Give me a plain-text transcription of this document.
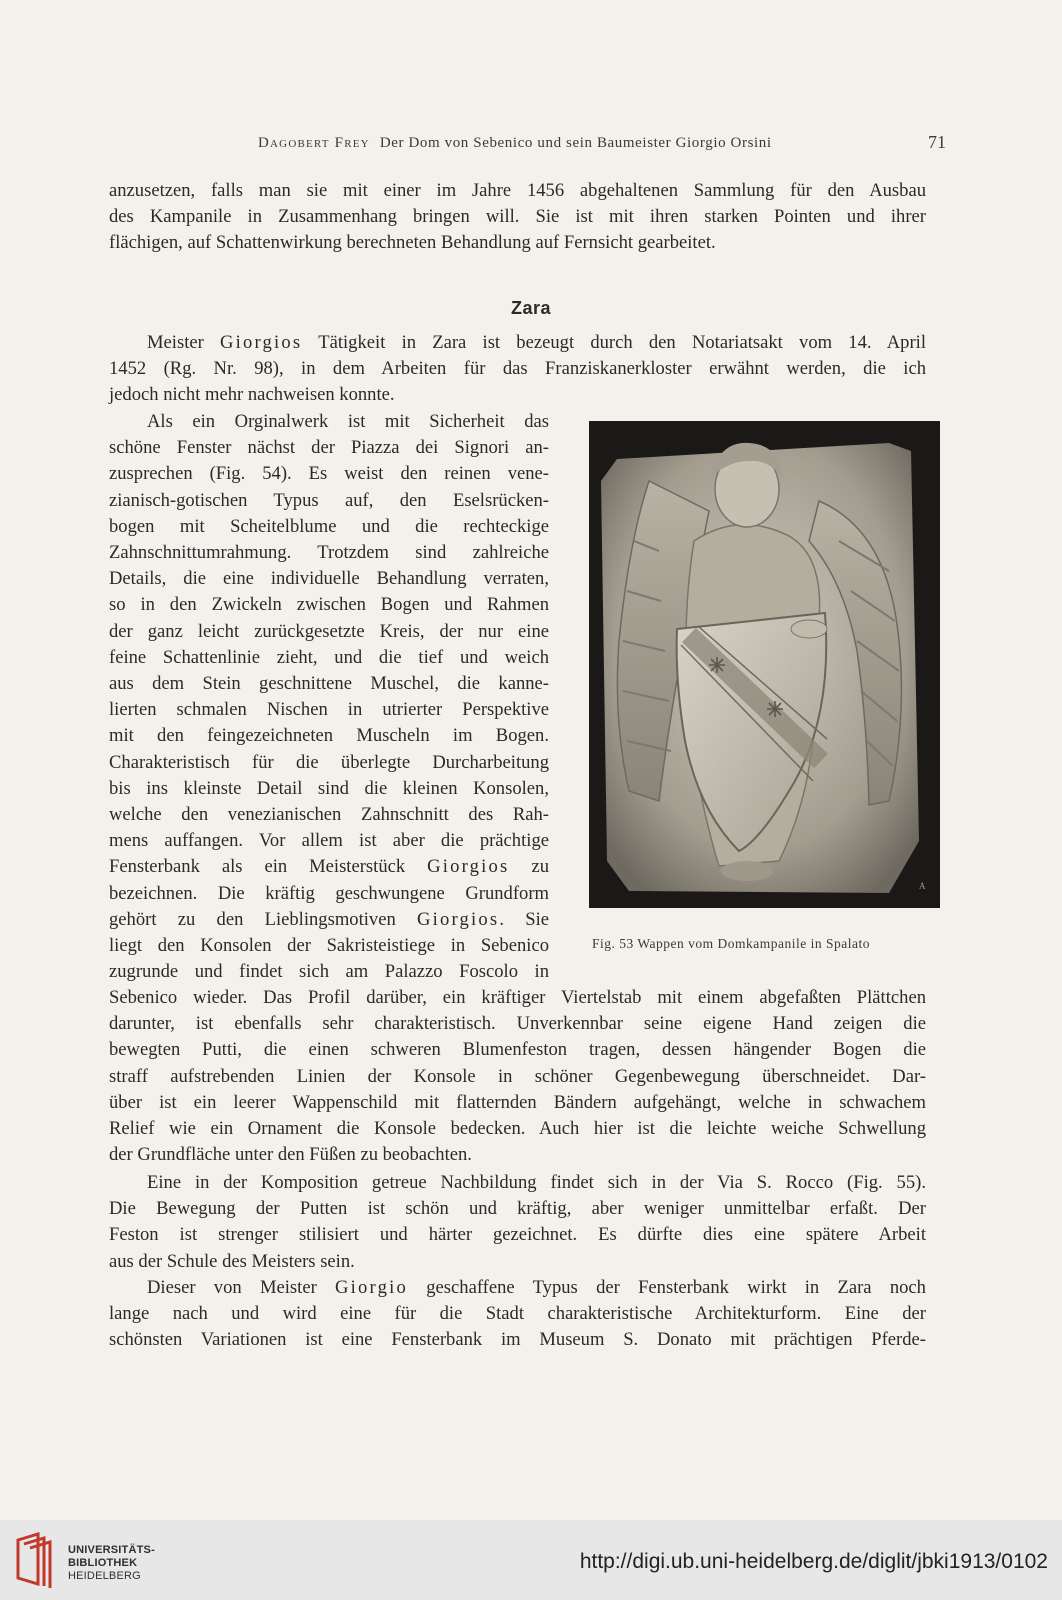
Dagobert Frey Der Dom von Sebenico und sein Baumeister Giorgio Orsini	71
anzusetzen, falls man sie mit einer im Jahre 1456 abgehaltenen Sammlung für den Ausbau
des Kampanile in Zusammenhang bringen will. Sie ist mit ihren starken Pointen und ihrer
flächigen, auf Schattenwirkung berechneten Behandlung auf Fernsicht gearbeitet.
Zara
Meister Giorgios Tätigkeit in Zara ist bezeugt durch den Notariatsakt vom 14. April
1452 (Rg. Nr. 98), in dem Arbeiten für das Franziskanerkloster erwähnt werden, die ich
jedoch nicht mehr nachweisen konnte.
Als ein Orginalwerk ist mit Sicherheit das
schöne Fenster nächst der Piazza dei Signori an-
zusprechen (Fig. 54). Es weist den reinen vene-
zianisch-gotischen Typus auf, den Eselsrücken-
bogen mit Scheitelblume und die rechteckige
Zahnschnittumrahmung. Trotzdem sind zahlreiche
Details, die eine individuelle Behandlung verraten,
so in den Zwickeln zwischen Bogen und Rahmen
der ganz leicht zurückgesetzte Kreis, der nur eine
feine Schattenlinie zieht, und die tief und weich
aus dem Stein geschnittene Muschel, die kanne-
lierten schmalen Nischen in utrierter Perspektive
mit den feingezeichneten Muscheln im Bogen.
Charakteristisch für die überlegte Durcharbeitung
bis ins kleinste Detail sind die kleinen Konsolen,
welche den venezianischen Zahnschnitt des Rah-
mens auffangen. Vor allem ist aber die prächtige
Fensterbank als ein Meisterstück Giorgios zu
bezeichnen. Die kräftig geschwungene Grundform
gehört zu den Lieblingsmotiven Giorgios. Sie
liegt den Konsolen der Sakristeistiege in Sebenico
zugrunde und findet sich am Palazzo Foscolo in
A
Fig. 53 Wappen vom Domkampanile in Spalato
Sebenico wieder. Das Profil darüber, ein kräftiger Viertelstab mit einem abgefaßten Plättchen
darunter, ist ebenfalls sehr charakteristisch. Unverkennbar seine eigene Hand zeigen die
bewegten Putti, die einen schweren Blumenfeston tragen, dessen hängender Bogen die
straff aufstrebenden Linien der Konsole in schöner Gegenbewegung überschneidet. Dar-
über ist ein leerer Wappenschild mit flatternden Bändern aufgehängt, welche in schwachem
Relief wie ein Ornament die Konsole bedecken. Auch hier ist die leichte weiche Schwellung
der Grundfläche unter den Füßen zu beobachten.
Eine in der Komposition getreue Nachbildung findet sich in der Via S. Rocco (Fig. 55).
Die Bewegung der Putten ist schön und kräftig, aber weniger unmittelbar erfaßt. Der
Feston ist strenger stilisiert und härter gezeichnet. Es dürfte dies eine spätere Arbeit
aus der Schule des Meisters sein.
Dieser von Meister Giorgio geschaffene Typus der Fensterbank wirkt in Zara noch
lange nach und wird eine für die Stadt charakteristische Architekturform. Eine der
schönsten Variationen ist eine Fensterbank im Museum S. Donato mit prächtigen Pferde-
UNIVERSITÄTS-
BIBLIOTHEK
HEIDELBERG
http://digi.ub.uni-heidelberg.de/diglit/jbki1913/0102
